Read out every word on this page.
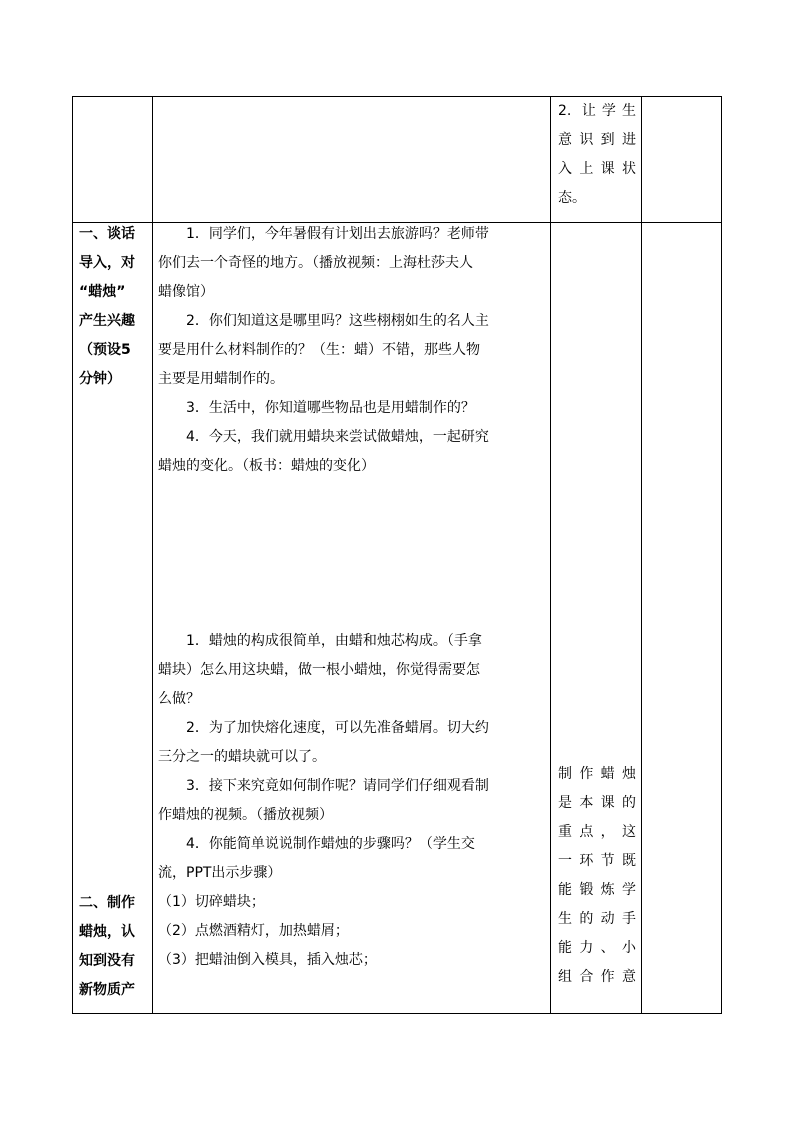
2. 让学生
意识到进
入上课状
态。
一、谈话
导入，对
“蜡烛”
产生兴趣
（预设5
分钟）
1．同学们，今年暑假有计划出去旅游吗？老师带
你们去一个奇怪的地方。（播放视频：上海杜莎夫人
蜡像馆）
2．你们知道这是哪里吗？这些栩栩如生的名人主
要是用什么材料制作的？（生：蜡）不错，那些人物
主要是用蜡制作的。
3．生活中，你知道哪些物品也是用蜡制作的？
4．今天，我们就用蜡块来尝试做蜡烛，一起研究
蜡烛的变化。（板书：蜡烛的变化）
1．蜡烛的构成很简单，由蜡和烛芯构成。（手拿
蜡块）怎么用这块蜡，做一根小蜡烛，你觉得需要怎
么做？
2．为了加快熔化速度，可以先准备蜡屑。切大约
三分之一的蜡块就可以了。
3．接下来究竟如何制作呢？请同学们仔细观看制
作蜡烛的视频。（播放视频）
4．你能简单说说制作蜡烛的步骤吗？（学生交
流，PPT出示步骤）
（1）切碎蜡块；
（2）点燃酒精灯，加热蜡屑；
（3）把蜡油倒入模具，插入烛芯；
二、制作
蜡烛，认
知到没有
新物质产
制作蜡烛
是本课的
重点，这
一环节既
能锻炼学
生的动手
能力、小
组合作意
